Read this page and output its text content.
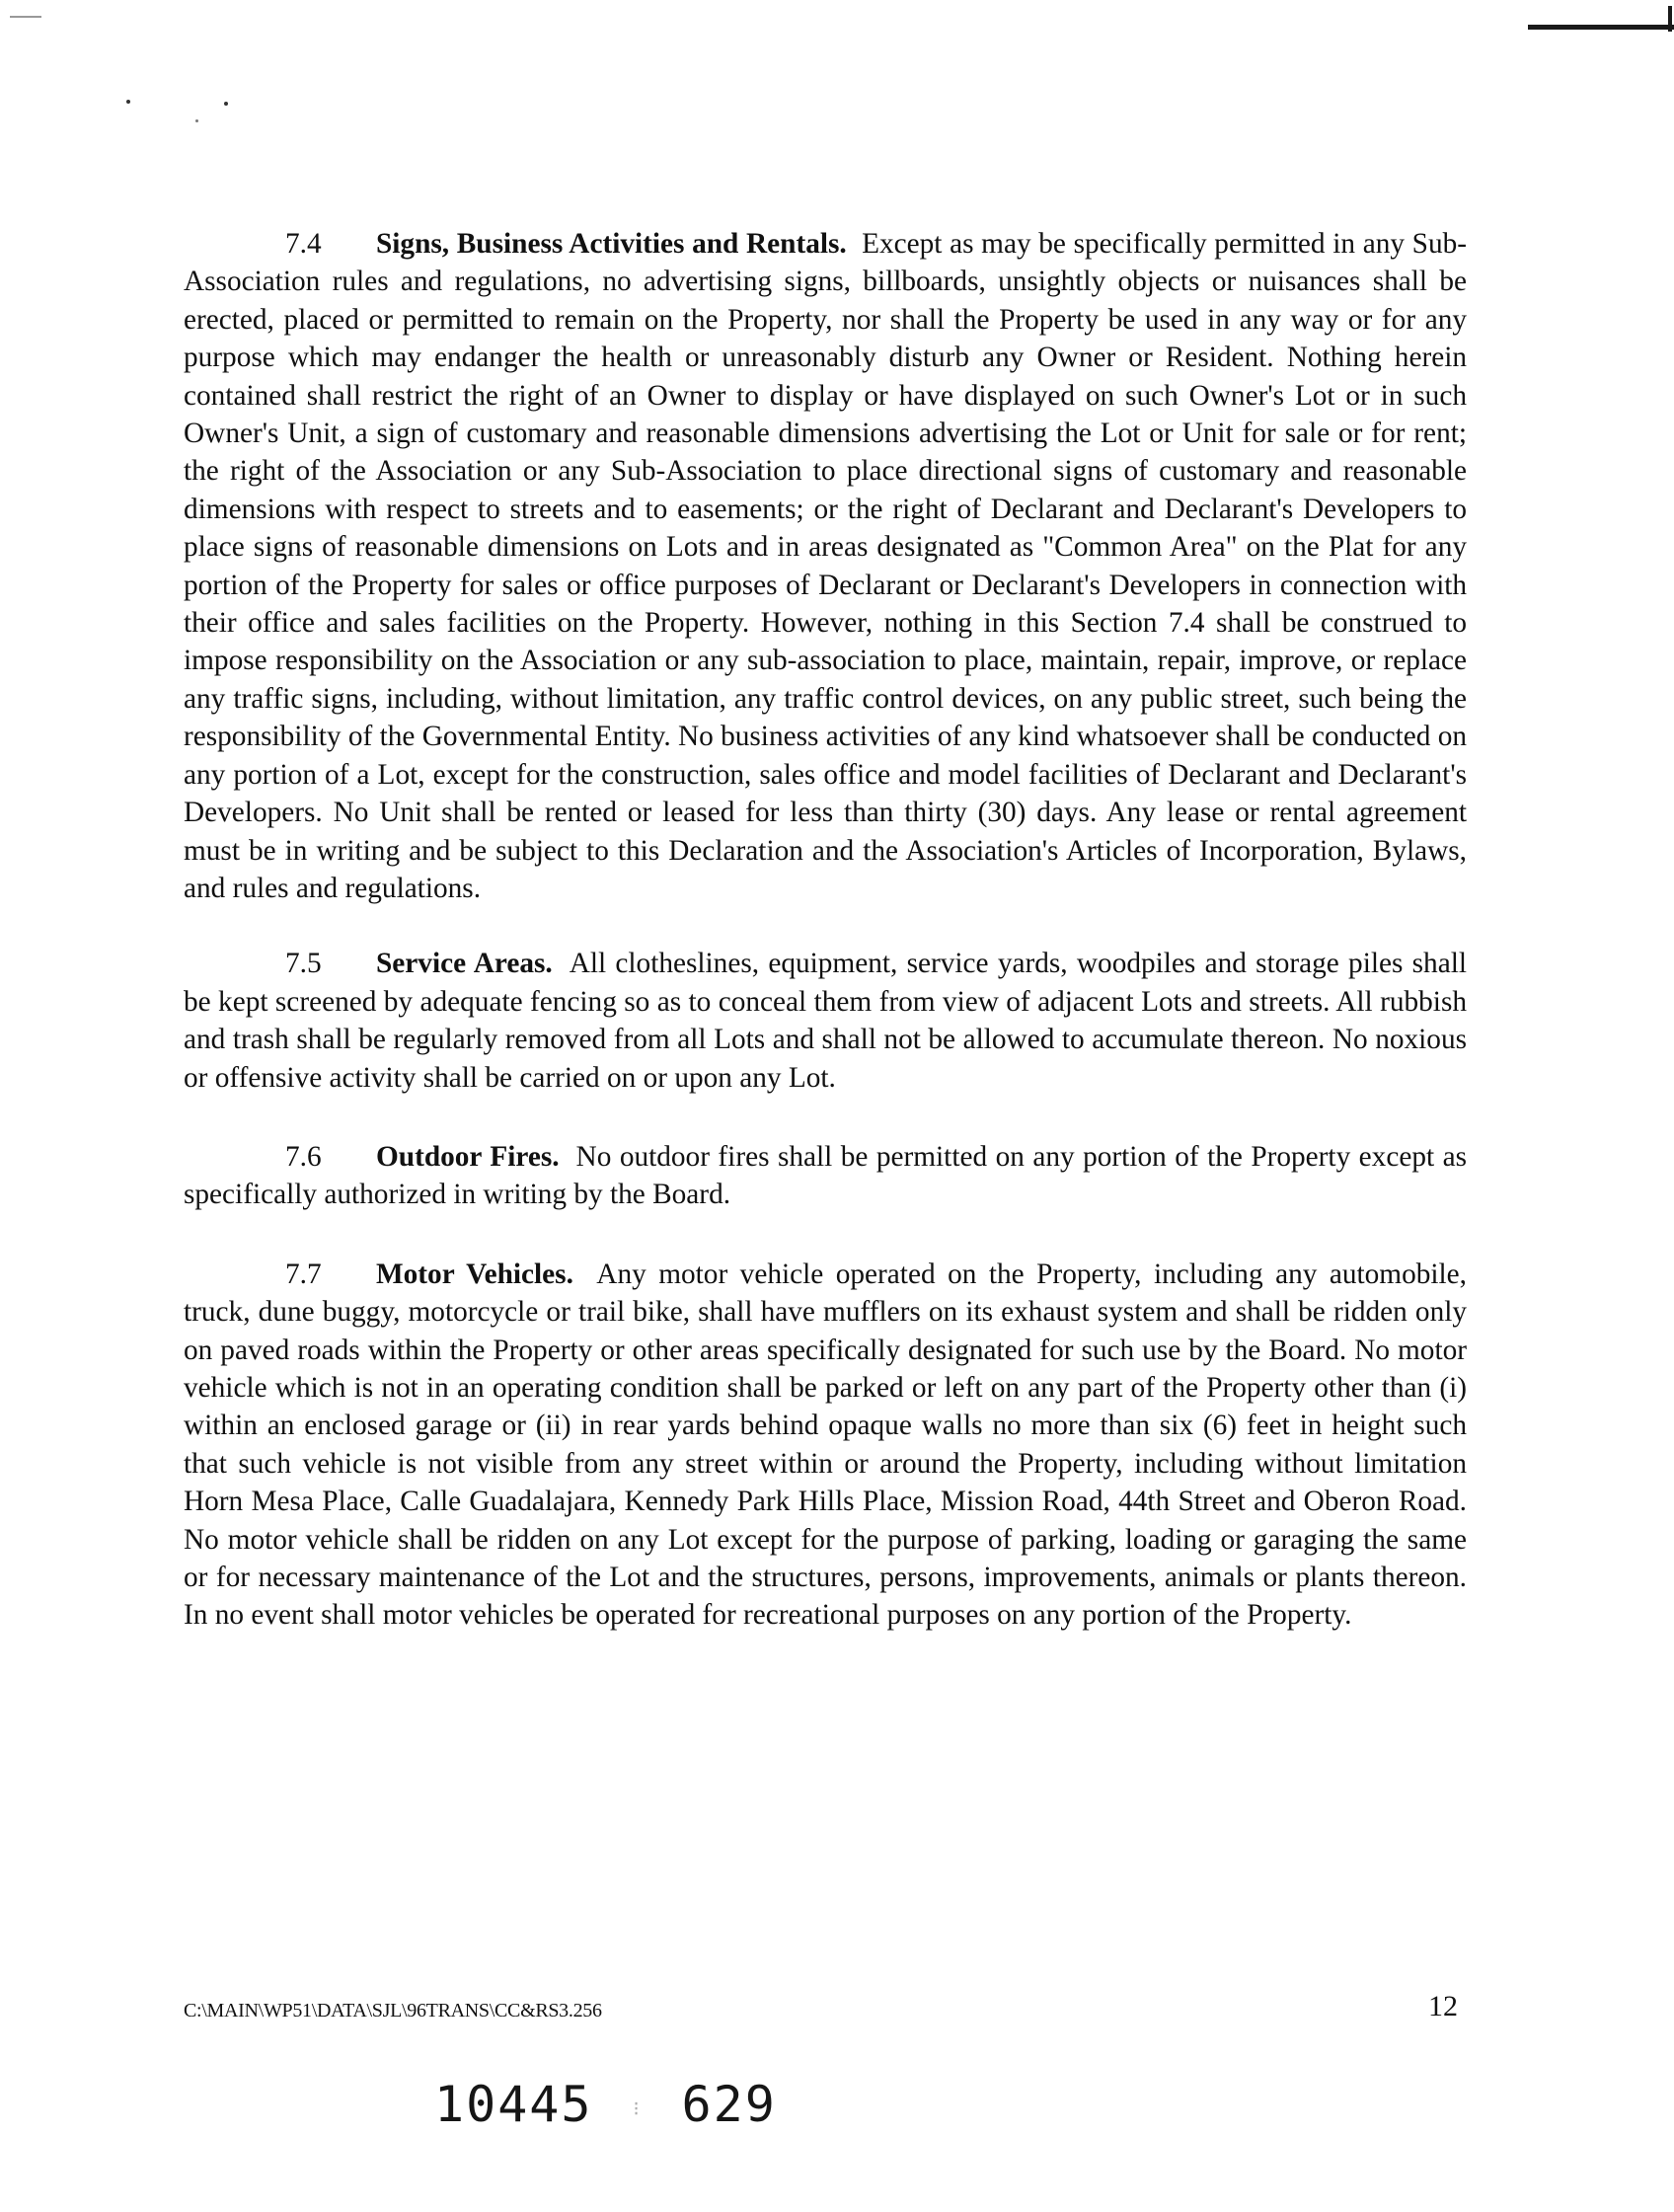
7.4 Signs, Business Activities and Rentals. Except as may be specifically permitted in any Sub-Association rules and regulations, no advertising signs, billboards, unsightly objects or nuisances shall be erected, placed or permitted to remain on the Property, nor shall the Property be used in any way or for any purpose which may endanger the health or unreasonably disturb any Owner or Resident. Nothing herein contained shall restrict the right of an Owner to display or have displayed on such Owner's Lot or in such Owner's Unit, a sign of customary and reasonable dimensions advertising the Lot or Unit for sale or for rent; the right of the Association or any Sub-Association to place directional signs of customary and reasonable dimensions with respect to streets and to easements; or the right of Declarant and Declarant's Developers to place signs of reasonable dimensions on Lots and in areas designated as "Common Area" on the Plat for any portion of the Property for sales or office purposes of Declarant or Declarant's Developers in connection with their office and sales facilities on the Property. However, nothing in this Section 7.4 shall be construed to impose responsibility on the Association or any sub-association to place, maintain, repair, improve, or replace any traffic signs, including, without limitation, any traffic control devices, on any public street, such being the responsibility of the Governmental Entity. No business activities of any kind whatsoever shall be conducted on any portion of a Lot, except for the construction, sales office and model facilities of Declarant and Declarant's Developers. No Unit shall be rented or leased for less than thirty (30) days. Any lease or rental agreement must be in writing and be subject to this Declaration and the Association's Articles of Incorporation, Bylaws, and rules and regulations.

7.5 Service Areas. All clotheslines, equipment, service yards, woodpiles and storage piles shall be kept screened by adequate fencing so as to conceal them from view of adjacent Lots and streets. All rubbish and trash shall be regularly removed from all Lots and shall not be allowed to accumulate thereon. No noxious or offensive activity shall be carried on or upon any Lot.

7.6 Outdoor Fires. No outdoor fires shall be permitted on any portion of the Property except as specifically authorized in writing by the Board.

7.7 Motor Vehicles. Any motor vehicle operated on the Property, including any automobile, truck, dune buggy, motorcycle or trail bike, shall have mufflers on its exhaust system and shall be ridden only on paved roads within the Property or other areas specifically designated for such use by the Board. No motor vehicle which is not in an operating condition shall be parked or left on any part of the Property other than (i) within an enclosed garage or (ii) in rear yards behind opaque walls no more than six (6) feet in height such that such vehicle is not visible from any street within or around the Property, including without limitation Horn Mesa Place, Calle Guadalajara, Kennedy Park Hills Place, Mission Road, 44th Street and Oberon Road. No motor vehicle shall be ridden on any Lot except for the purpose of parking, loading or garaging the same or for necessary maintenance of the Lot and the structures, persons, improvements, animals or plants thereon. In no event shall motor vehicles be operated for recreational purposes on any portion of the Property.

C:\MAIN\WP51\DATA\SJL\96TRANS\CC&RS3.256	12
10445 ⁝ 629
